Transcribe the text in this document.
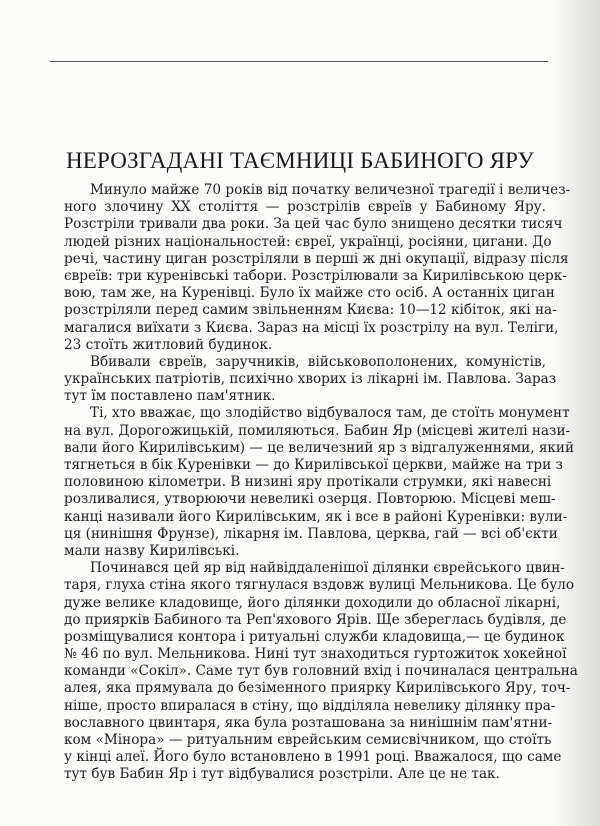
НЕРОЗГАДАНІ ТАЄМНИЦІ БАБИНОГО ЯРУ
Минуло майже 70 років від початку величезної трагедії і величез-
ного злочину XX століття — розстрілів євреїв у Бабиному Яру.
Розстріли тривали два роки. За цей час було знищено десятки тисяч
людей різних національностей: євреї, українці, росіяни, цигани. До
речі, частину циган розстріляли в перші ж дні окупації, відразу після
євреїв: три куренівські табори. Розстрілювали за Кирилівською церк-
вою, там же, на Куренівці. Було їх майже сто осіб. А останніх циган
розстріляли перед самим звільненням Києва: 10—12 кібіток, які на-
магалися виїхати з Києва. Зараз на місці їх розстрілу на вул. Теліги,
23 стоїть житловий будинок.
Вбивали євреїв, заручників, військовополонених, комуністів,
українських патріотів, психічно хворих із лікарні ім. Павлова. Зараз
тут їм поставлено пам'ятник.
Ті, хто вважає, що злодійство відбувалося там, де стоїть монумент
на вул. Дорогожицькій, помиляються. Бабин Яр (місцеві жителі нази-
вали його Кирилівським) — це величезний яр з відгалуженнями, який
тягнеться в бік Куренівки — до Кирилівської церкви, майже на три з
половиною кілометри. В низині яру протікали струмки, які навесні
розливалися, утворюючи невеликі озерця. Повторюю. Місцеві меш-
канці називали його Кирилівським, як і все в районі Куренівки: вули-
ця (нинішня Фрунзе), лікарня ім. Павлова, церква, гай — всі об'єкти
мали назву Кирилівські.
Починався цей яр від найвіддаленішої ділянки єврейського цвин-
таря, глуха стіна якого тягнулася вздовж вулиці Мельникова. Це було
дуже велике кладовище, його ділянки доходили до обласної лікарні,
до приярків Бабиного та Реп'яхового Ярів. Ще збереглась будівля, де
розміщувалися контора і ритуальні служби кладовища,— це будинок
№ 46 по вул. Мельникова. Нині тут знаходиться гуртожиток хокейної
команди «Сокіл». Саме тут був головний вхід і починалася центральна
алея, яка прямувала до безіменного приярку Кирилівського Яру, точ-
ніше, просто впиралася в стіну, що відділяла невелику ділянку пра-
вославного цвинтаря, яка була розташована за нинішнім пам'ятни-
ком «Мінора» — ритуальним єврейським семисвічником, що стоїть
у кінці алеї. Його було встановлено в 1991 році. Вважалося, що саме
тут був Бабин Яр і тут відбувалися розстріли. Але це не так.
